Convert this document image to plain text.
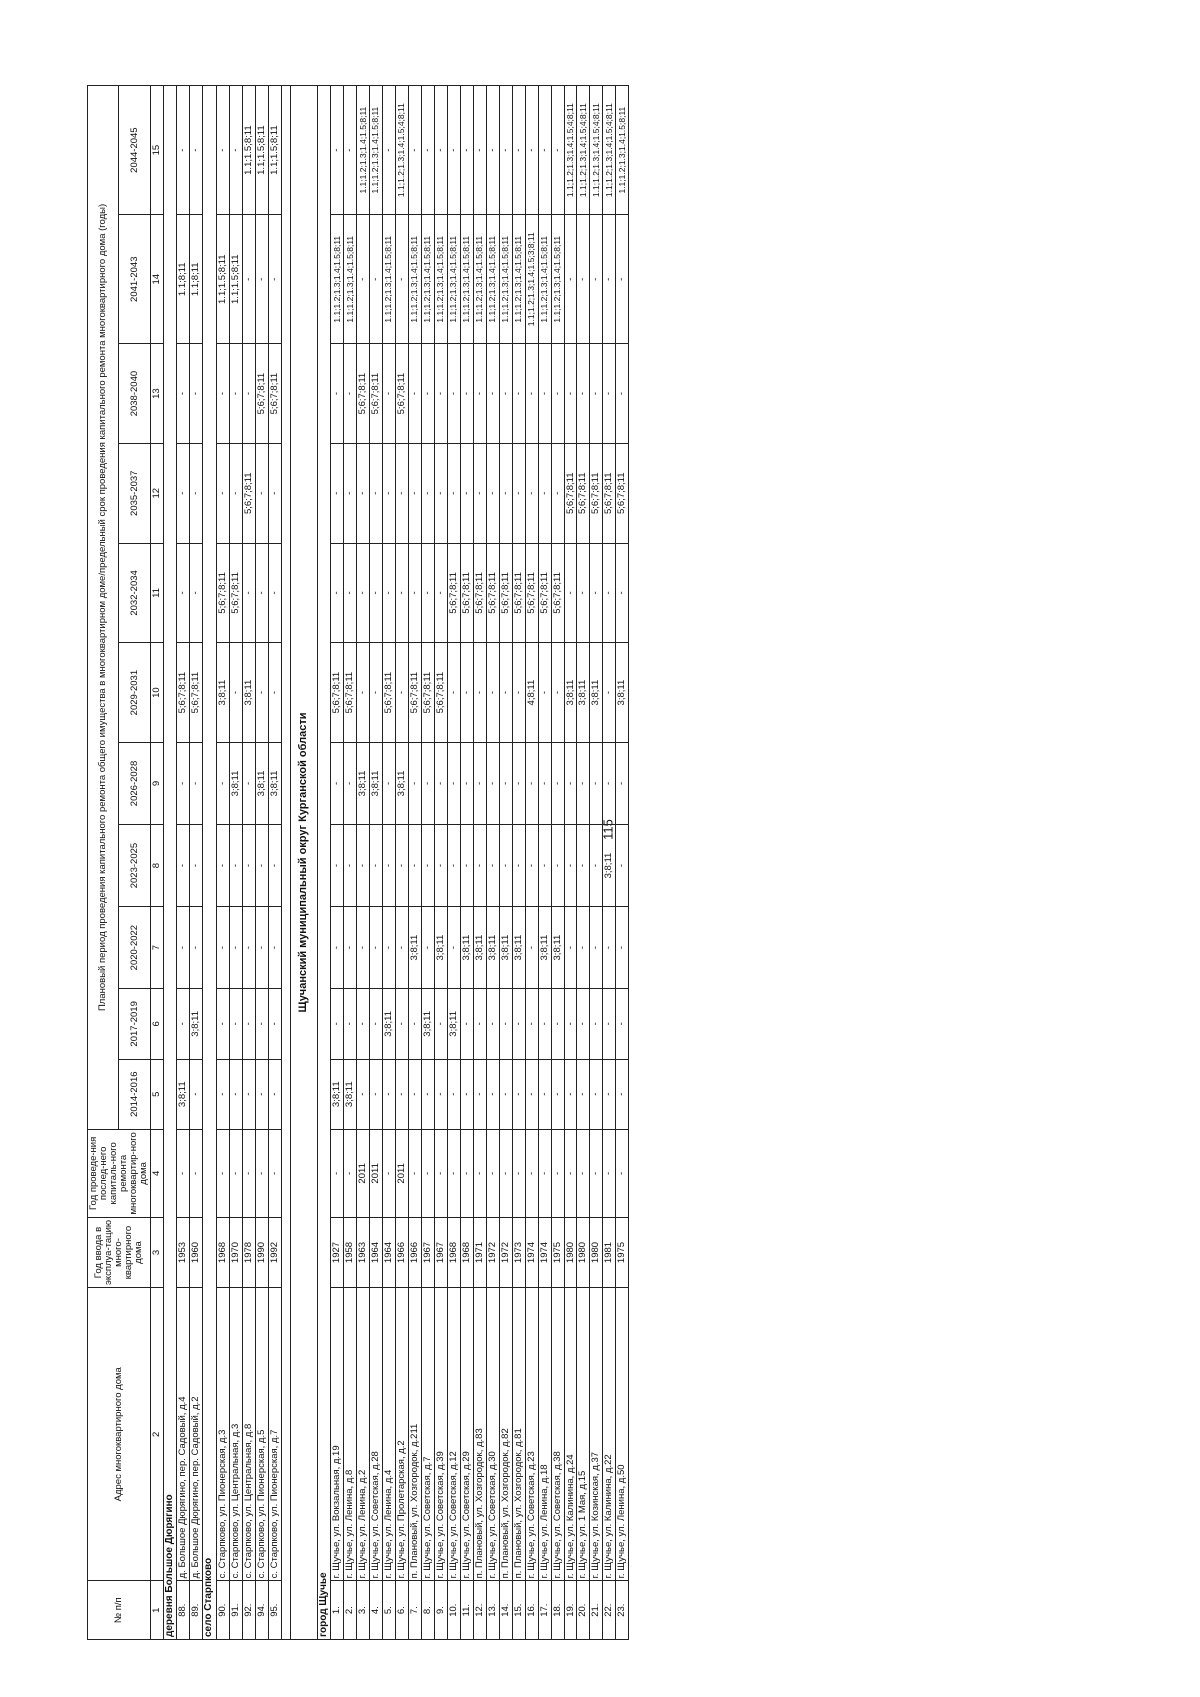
115
№ п/п	Адрес многоквартирного дома	Год ввода в эксплуа-тацию много-квартирного дома	Год проведе-ния послед-него капиталь-ного ремонта многоквартир-ного дома	Плановый период проведения капитального ремонта общего имущества в многоквартирном доме/предельный срок проведения капитального ремонта многоквартирного дома (годы)										
				2014-2016	2017-2019	2020-2022	2023-2025	2026-2028	2029-2031	2032-2034	2035-2037	2038-2040	2041-2043	2044-2045
1	2	3	4	5	6	7	8	9	10	11	12	13	14	15
деревня Большое Дюрягино														
88.	д. Большое Дюрягино, пер. Садовый, д.4	1953	-	3;8;11	-	-	-	-	5;6;7;8;11	-	-	-	1.1;8;11	-
89.	д. Большое Дюрягино, пер. Садовый, д.2	1960	-	-	3;8;11	-	-	-	5;6;7;8;11	-	-	-	1.1;8;11	-
село Старпково														
90.	с. Старпково, ул. Пионерская, д.3	1968	-	-	-	-	-	-	3;8;11	5;6;7;8;11	-	-	1.1;1.5;8;11	-
91.	с. Старпково, ул. Центральная, д.3	1970	-	-	-	-	-	3;8;11	-	5;6;7;8;11	-	-	1.1;1.5;8;11	-
92.	с. Старпково, ул. Центральная, д.8	1978	-	-	-	-	-	-	3;8;11	-	5;6;7;8;11	-	-	1.1;1.5;8;11
94.	с. Старпково, ул. Пионерская, д.5	1990	-	-	-	-	-	3;8;11	-	-	-	5;6;7;8;11	-	1.1;1.5;8;11
95.	с. Старпково, ул. Пионерская, д.7	1992	-	-	-	-	-	3;8;11	-	-	-	5;6;7;8;11	-	1.1;1.5;8;11

Щучанский муниципальный округ Курганской области														
город Щучье														
1.	г. Щучье, ул. Вокзальная, д.19	1927	-	3;8;11	-	-	-	-	5;6;7;8;11	-	-	-	1.1;1.2;1.3;1.4;1.5;8;11	-
2.	г. Щучье, ул. Ленина, д.8	1958	-	3;8;11	-	-	-	-	5;6;7;8;11	-	-	-	1.1;1.2;1.3;1.4;1.5;8;11	-
3.	г. Щучье, ул. Ленина, д.2	1963	2011	-	-	-	-	3;8;11	-	-	-	5;6;7;8;11	-	1.1;1.2;1.3;1.4;1.5;8;11
4.	г. Щучье, ул. Советская, д.28	1964	2011	-	-	-	-	3;8;11	-	-	-	5;6;7;8;11	-	1.1;1.2;1.3;1.4;1.5;8;11
5.	г. Щучье, ул. Ленина, д.4	1964	-	-	3;8;11	-	-	-	5;6;7;8;11	-	-	-	1.1;1.2;1.3;1.4;1.5;8;11	-
6.	г. Щучье, ул. Пролетарская, д.2	1966	2011	-	-	-	-	3;8;11	-	-	-	5;6;7;8;11	-	1.1;1.2;1.3;1.4;1.5;4;8;11
7.	п. Плановый, ул. Хозгородок, д.211	1966	-	-	-	3;8;11	-	-	5;6;7;8;11	-	-	-	1.1;1.2;1.3;1.4;1.5;8;11	-
8.	г. Щучье, ул. Советская, д.7	1967	-	-	3;8;11	-	-	-	5;6;7;8;11	-	-	-	1.1;1.2;1.3;1.4;1.5;8;11	-
9.	г. Щучье, ул. Советская, д.39	1967	-	-	-	3;8;11	-	-	5;6;7;8;11	-	-	-	1.1;1.2;1.3;1.4;1.5;8;11	-
10.	г. Щучье, ул. Советская, д.12	1968	-	-	3;8;11	-	-	-	-	5;6;7;8;11	-	-	1.1;1.2;1.3;1.4;1.5;8;11	-
11.	г. Щучье, ул. Советская, д.29	1968	-	-	-	3;8;11	-	-	-	5;6;7;8;11	-	-	1.1;1.2;1.3;1.4;1.5;8;11	-
12.	п. Плановый, ул. Хозгородок, д.83	1971	-	-	-	3;8;11	-	-	-	5;6;7;8;11	-	-	1.1;1.2;1.3;1.4;1.5;8;11	-
13.	г. Щучье, ул. Советская, д.30	1972	-	-	-	3;8;11	-	-	-	5;6;7;8;11	-	-	1.1;1.2;1.3;1.4;1.5;8;11	-
14.	п. Плановый, ул. Хозгородок, д.82	1972	-	-	-	3;8;11	-	-	-	5;6;7;8;11	-	-	1.1;1.2;1.3;1.4;1.5;8;11	-
15.	п. Плановый, ул. Хозгородок, д.81	1973	-	-	-	3;8;11	-	-	-	5;6;7;8;11	-	-	1.1;1.2;1.3;1.4;1.5;8;11	-
16.	г. Щучье, ул. Советская, д.23	1974	-	-	-	-	-	-	4;8;11	5;6;7;8;11	-	-	1.1;1.2;1.3;1.4;1.5;3;8;11	-
17.	г. Щучье, ул. Ленина, д.18	1974	-	-	-	3;8;11	-	-	-	5;6;7;8;11	-	-	1.1;1.2;1.3;1.4;1.5;8;11	-
18.	г. Щучье, ул. Советская, д.38	1975	-	-	-	3;8;11	-	-	-	5;6;7;8;11	-	-	1.1;1.2;1.3;1.4;1.5;8;11	-
19.	г. Щучье, ул. Калинина, д.24	1980	-	-	-	-	-	-	3;8;11	-	5;6;7;8;11	-	-	1.1;1.2;1.3;1.4;1.5;4;8;11
20.	г. Щучье, ул. 1 Мая, д.15	1980	-	-	-	-	-	-	3;8;11	-	5;6;7;8;11	-	-	1.1;1.2;1.3;1.4;1.5;4;8;11
21.	г. Щучье, ул. Козинская, д.37	1980	-	-	-	-	-	-	3;8;11	-	5;6;7;8;11	-	-	1.1;1.2;1.3;1.4;1.5;4;8;11
22.	г. Щучье, ул. Калинина, д.22	1981	-	-	-	-	3;8;11	-	-	-	5;6;7;8;11	-	-	1.1;1.2;1.3;1.4;1.5;4;8;11
23.	г. Щучье, ул. Ленина, д.50	1975	-	-	-	-	-	-	3;8;11	-	5;6;7;8;11	-	-	1.1;1.2;1.3;1.4;1.5;8;11
